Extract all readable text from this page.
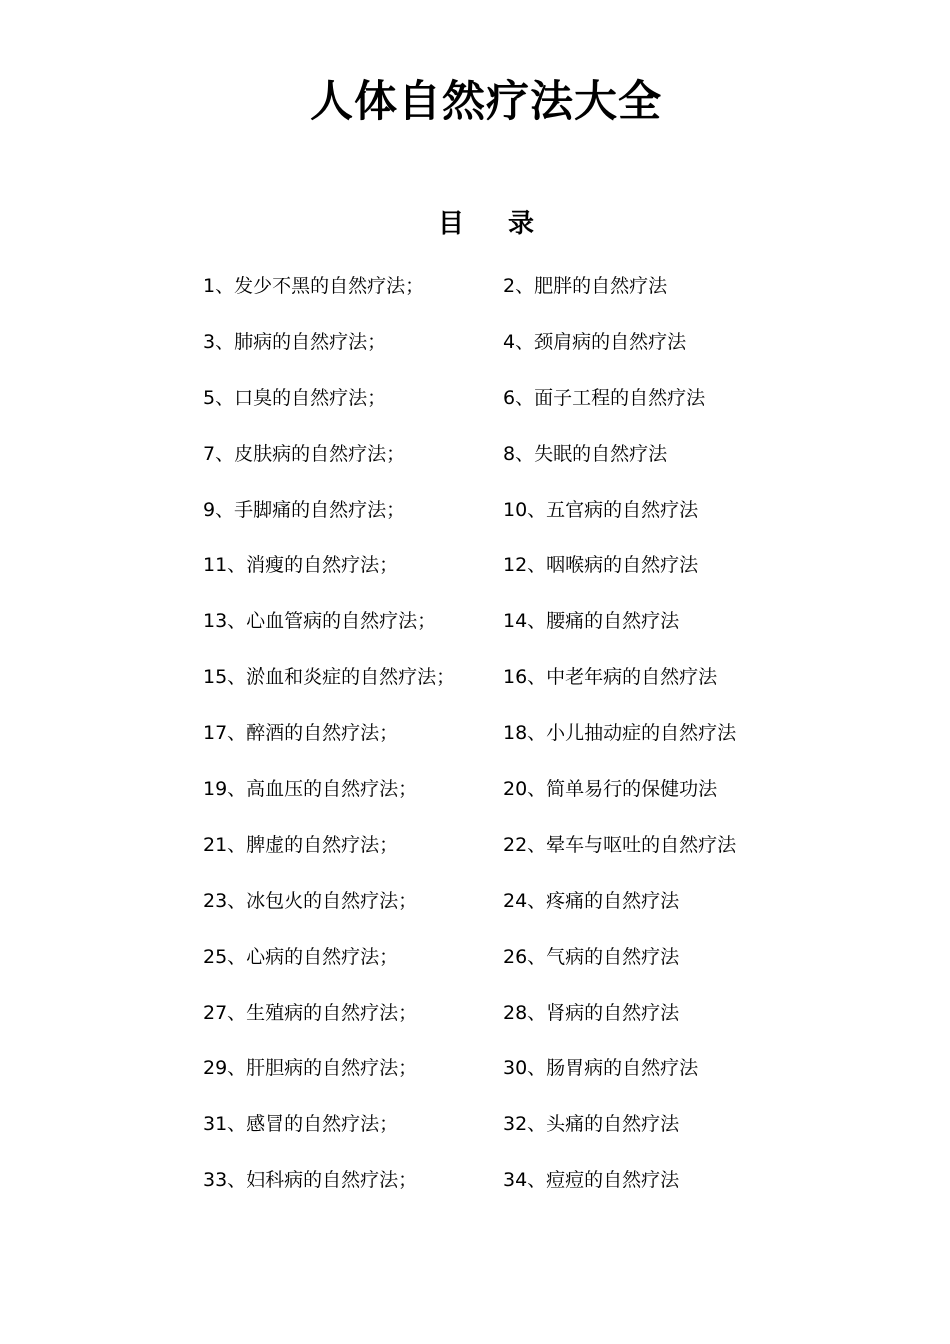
人体自然疗法大全
目 录
1、发少不黑的自然疗法；	2、肥胖的自然疗法
3、肺病的自然疗法；	4、颈肩病的自然疗法
5、口臭的自然疗法；	6、面子工程的自然疗法
7、皮肤病的自然疗法；	8、失眠的自然疗法
9、手脚痛的自然疗法；	10、五官病的自然疗法
11、消瘦的自然疗法；	12、咽喉病的自然疗法
13、心血管病的自然疗法；	14、腰痛的自然疗法
15、淤血和炎症的自然疗法；	16、中老年病的自然疗法
17、醉酒的自然疗法；	18、小儿抽动症的自然疗法
19、高血压的自然疗法；	20、简单易行的保健功法
21、脾虚的自然疗法；	22、晕车与呕吐的自然疗法
23、冰包火的自然疗法；	24、疼痛的自然疗法
25、心病的自然疗法；	26、气病的自然疗法
27、生殖病的自然疗法；	28、肾病的自然疗法
29、肝胆病的自然疗法；	30、肠胃病的自然疗法
31、感冒的自然疗法；	32、头痛的自然疗法
33、妇科病的自然疗法；	34、痘痘的自然疗法
